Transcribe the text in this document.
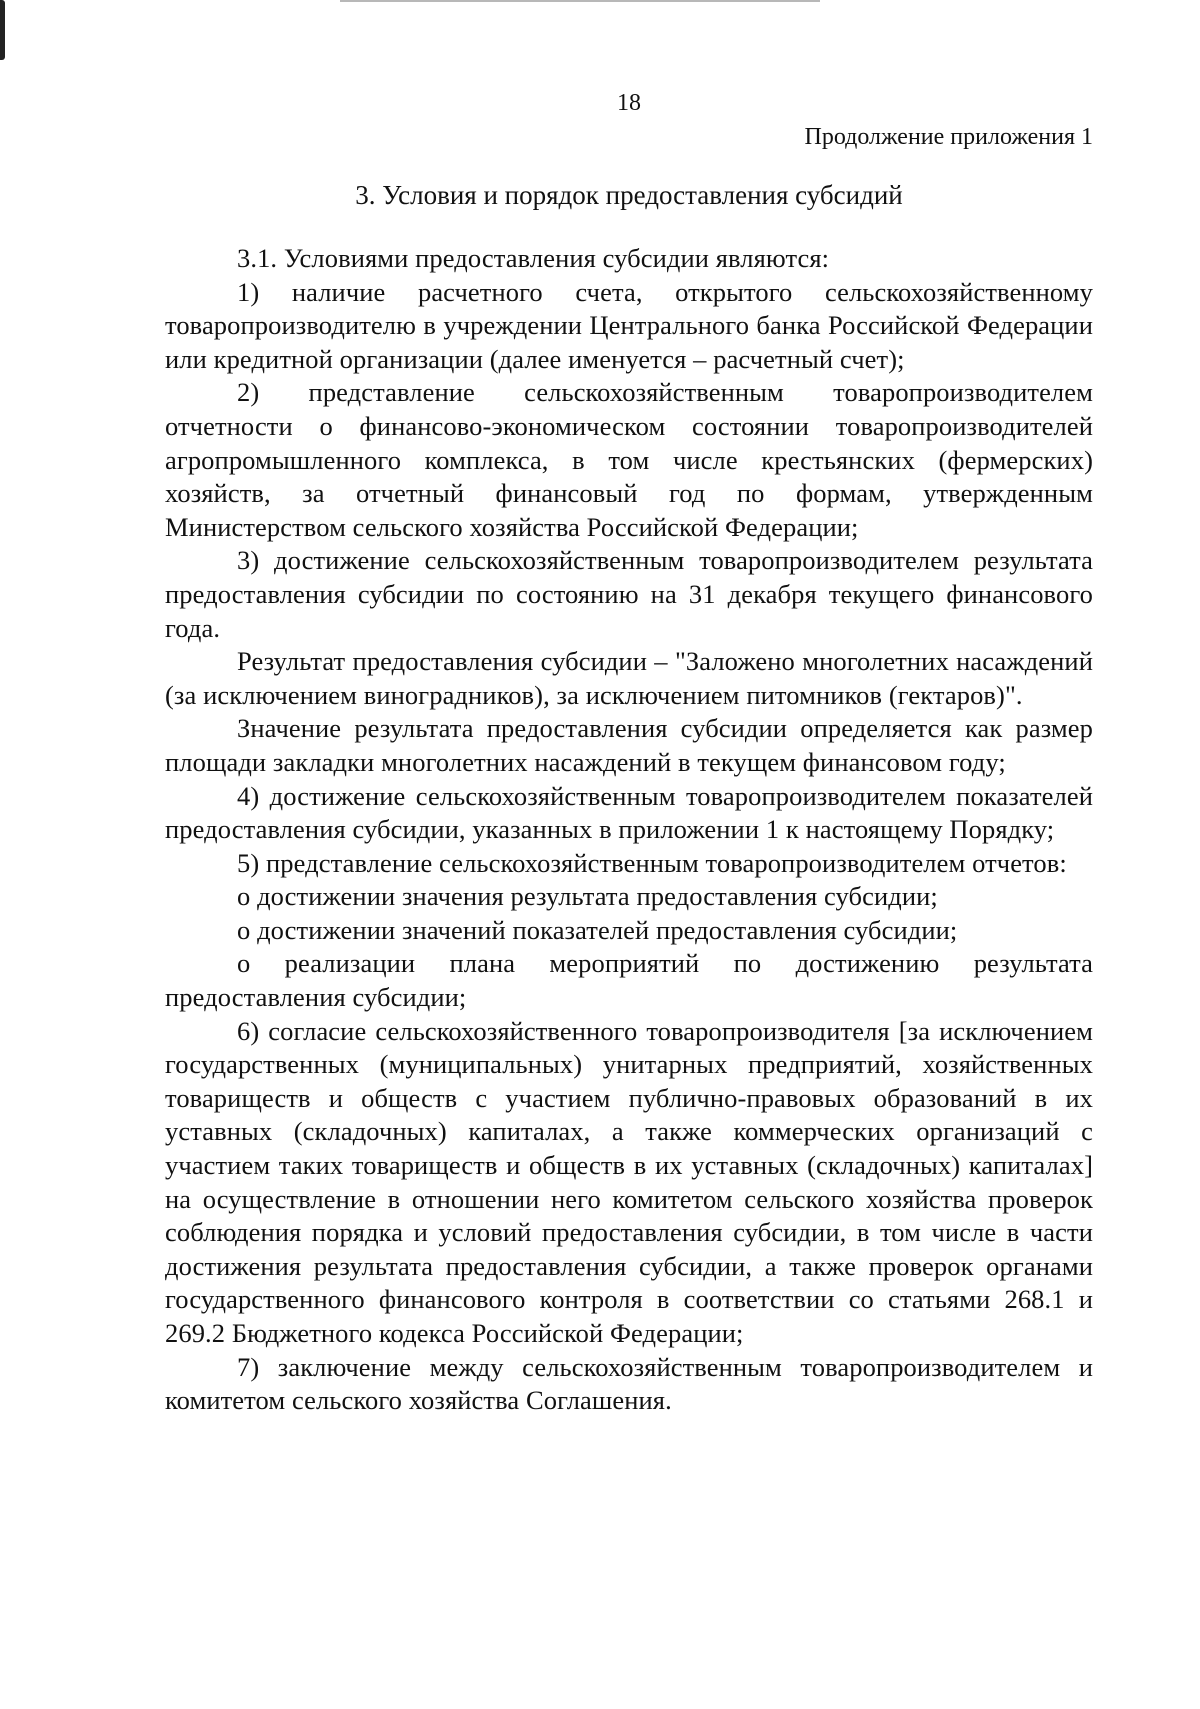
18
Продолжение приложения 1
3. Условия и порядок предоставления субсидий

3.1. Условиями предоставления субсидии являются:

1) наличие расчетного счета, открытого сельскохозяйственному товаропроизводителю в учреждении Центрального банка Российской Федерации или кредитной организации (далее именуется – расчетный счет);

2) представление сельскохозяйственным товаропроизводителем отчетности о финансово-экономическом состоянии товаропроизводителей агропромышленного комплекса, в том числе крестьянских (фермерских) хозяйств, за отчетный финансовый год по формам, утвержденным Министерством сельского хозяйства Российской Федерации;

3) достижение сельскохозяйственным товаропроизводителем результата предоставления субсидии по состоянию на 31 декабря текущего финансового года.

Результат предоставления субсидии – "Заложено многолетних насаждений (за исключением виноградников), за исключением питомников (гектаров)".

Значение результата предоставления субсидии определяется как размер площади закладки многолетних насаждений в текущем финансовом году;

4) достижение сельскохозяйственным товаропроизводителем показателей предоставления субсидии, указанных в приложении 1 к настоящему Порядку;

5) представление сельскохозяйственным товаропроизводителем отчетов:

о достижении значения результата предоставления субсидии;

о достижении значений показателей предоставления субсидии;

о реализации плана мероприятий по достижению результата предоставления субсидии;

6) согласие сельскохозяйственного товаропроизводителя [за исключением государственных (муниципальных) унитарных предприятий, хозяйственных товариществ и обществ с участием публично-правовых образований в их уставных (складочных) капиталах, а также коммерческих организаций с участием таких товариществ и обществ в их уставных (складочных) капиталах] на осуществление в отношении него комитетом сельского хозяйства проверок соблюдения порядка и условий предоставления субсидии, в том числе в части достижения результата предоставления субсидии, а также проверок органами государственного финансового контроля в соответствии со статьями 268.1 и 269.2 Бюджетного кодекса Российской Федерации;

7) заключение между сельскохозяйственным товаропроизводителем и комитетом сельского хозяйства Соглашения.
